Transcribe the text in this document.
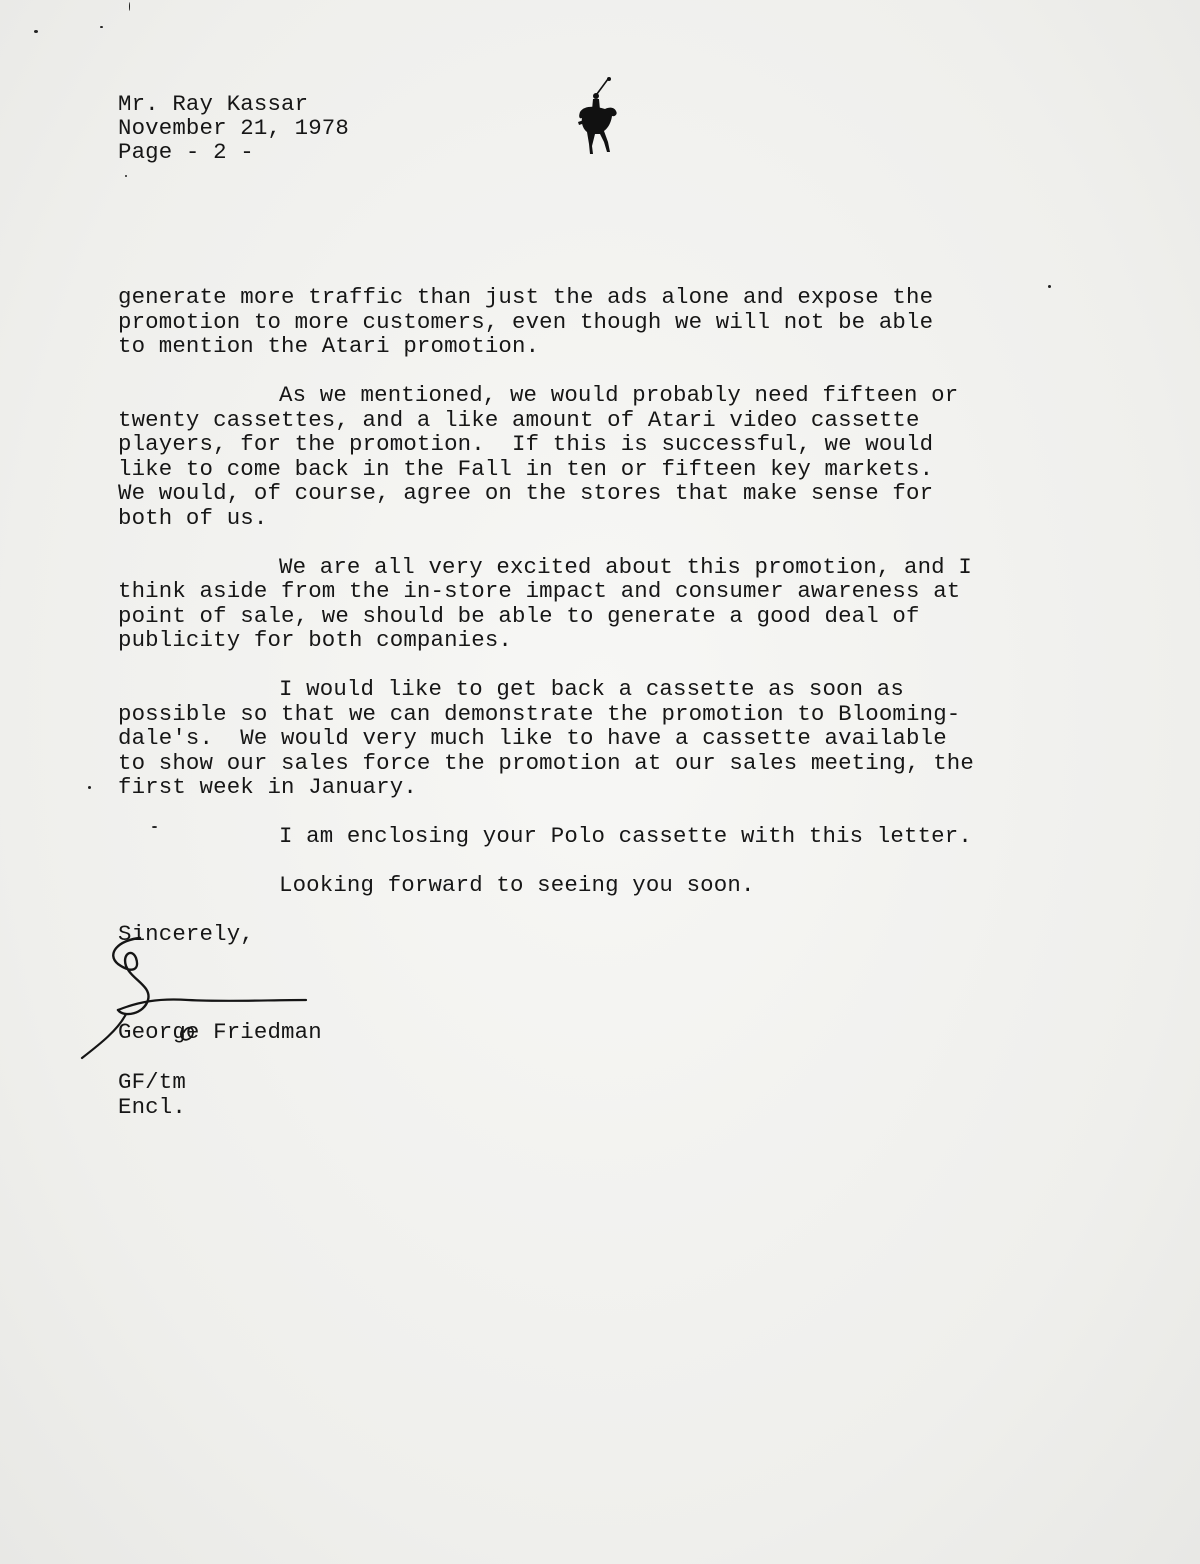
Mr. Ray Kassar
November 21, 1978
Page - 2 -
generate more traffic than just the ads alone and expose the
promotion to more customers, even though we will not be able
to mention the Atari promotion.
As we mentioned, we would probably need fifteen or
twenty cassettes, and a like amount of Atari video cassette
players, for the promotion.  If this is successful, we would
like to come back in the Fall in ten or fifteen key markets.
We would, of course, agree on the stores that make sense for
both of us.
We are all very excited about this promotion, and I
think aside from the in-store impact and consumer awareness at
point of sale, we should be able to generate a good deal of
publicity for both companies.
I would like to get back a cassette as soon as
possible so that we can demonstrate the promotion to Blooming-
dale's.  We would very much like to have a cassette available
to show our sales force the promotion at our sales meeting, the
first week in January.
I am enclosing your Polo cassette with this letter.
Looking forward to seeing you soon.
Sincerely,
George Friedman
GF/tm
Encl.
